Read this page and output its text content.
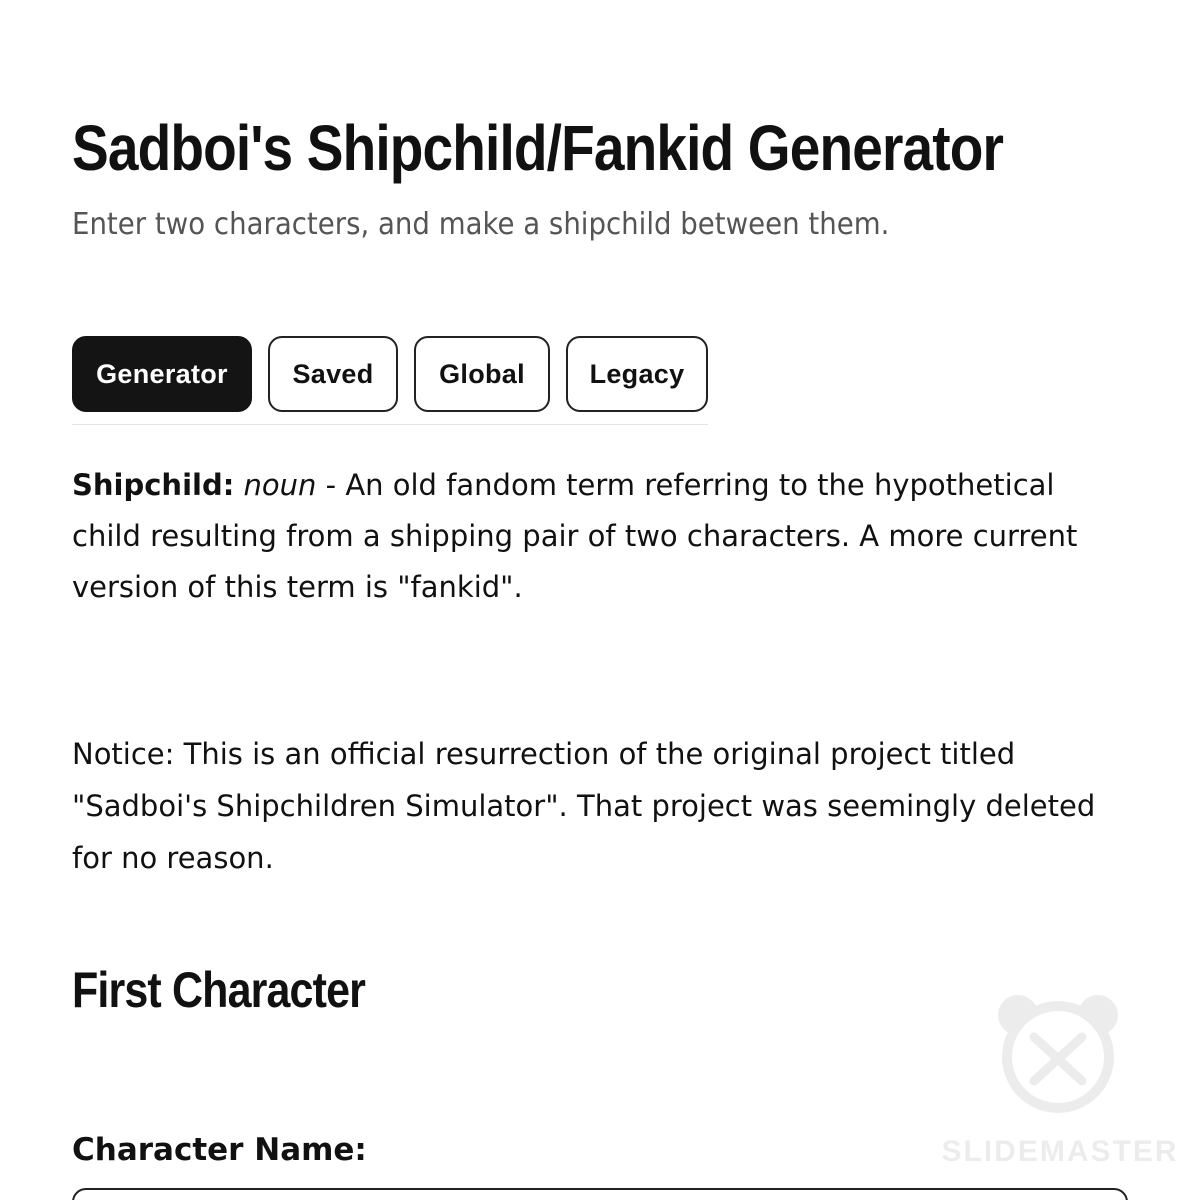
Sadboi's Shipchild/Fankid Generator

Enter two characters, and make a shipchild between them.

Generator	Saved	Global	Legacy

Shipchild: noun - An old fandom term referring to the hypothetical child resulting from a shipping pair of two characters. A more current version of this term is "fankid".

Notice: This is an official resurrection of the original project titled "Sadboi's Shipchildren Simulator". That project was seemingly deleted for no reason.

First Character
Character Name:	SLIDEMASTER
